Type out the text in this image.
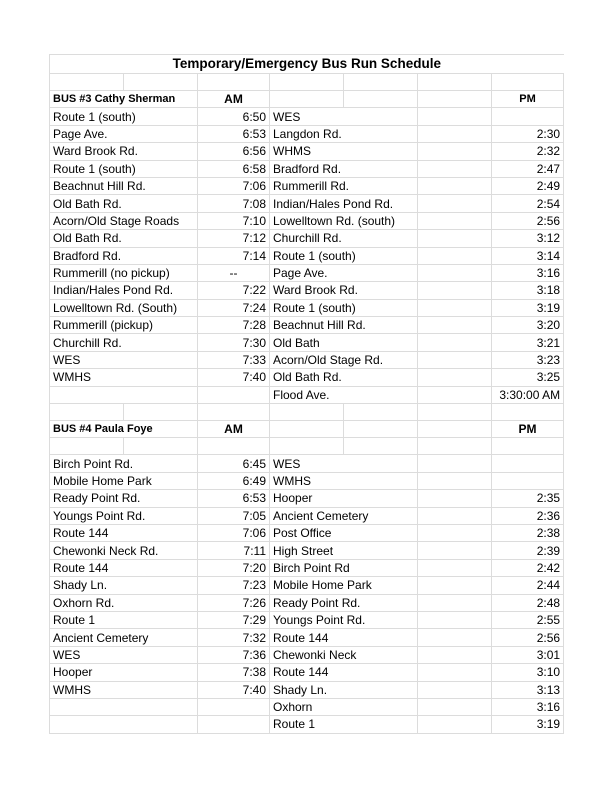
Temporary/Emergency Bus Run Schedule						

BUS #3 Cathy Sherman		AM				PM
Route 1 (south)		6:50	WES			
Page Ave.		6:53	Langdon Rd.			2:30
Ward Brook Rd.		6:56	WHMS			2:32
Route 1 (south)		6:58	Bradford Rd.			2:47
Beachnut Hill Rd.		7:06	Rummerill Rd.			2:49
Old Bath Rd.		7:08	Indian/Hales Pond Rd.			2:54
Acorn/Old Stage Roads		7:10	Lowelltown Rd. (south)			2:56
Old Bath Rd.		7:12	Churchill Rd.			3:12
Bradford Rd.		7:14	Route 1 (south)			3:14
Rummerill (no pickup)		--	Page Ave.			3:16
Indian/Hales Pond Rd.		7:22	Ward Brook Rd.			3:18
Lowelltown Rd. (South)		7:24	Route 1 (south)			3:19
Rummerill (pickup)		7:28	Beachnut Hill Rd.			3:20
Churchill Rd.		7:30	Old Bath			3:21
WES		7:33	Acorn/Old Stage Rd.			3:23
WMHS		7:40	Old Bath Rd.			3:25
			Flood Ave.			3:30:00 AM

BUS #4 Paula Foye		AM				PM

Birch Point Rd.		6:45	WES			
Mobile Home Park		6:49	WMHS			
Ready Point Rd.		6:53	Hooper			2:35
Youngs Point Rd.		7:05	Ancient Cemetery			2:36
Route 144		7:06	Post Office			2:38
Chewonki Neck Rd.		7:11	High Street			2:39
Route 144		7:20	Birch Point Rd			2:42
Shady Ln.		7:23	Mobile Home Park			2:44
Oxhorn Rd.		7:26	Ready Point Rd.			2:48
Route 1		7:29	Youngs Point Rd.			2:55
Ancient Cemetery		7:32	Route 144			2:56
WES		7:36	Chewonki Neck			3:01
Hooper		7:38	Route 144			3:10
WMHS		7:40	Shady Ln.			3:13
			Oxhorn			3:16
			Route 1			3:19
